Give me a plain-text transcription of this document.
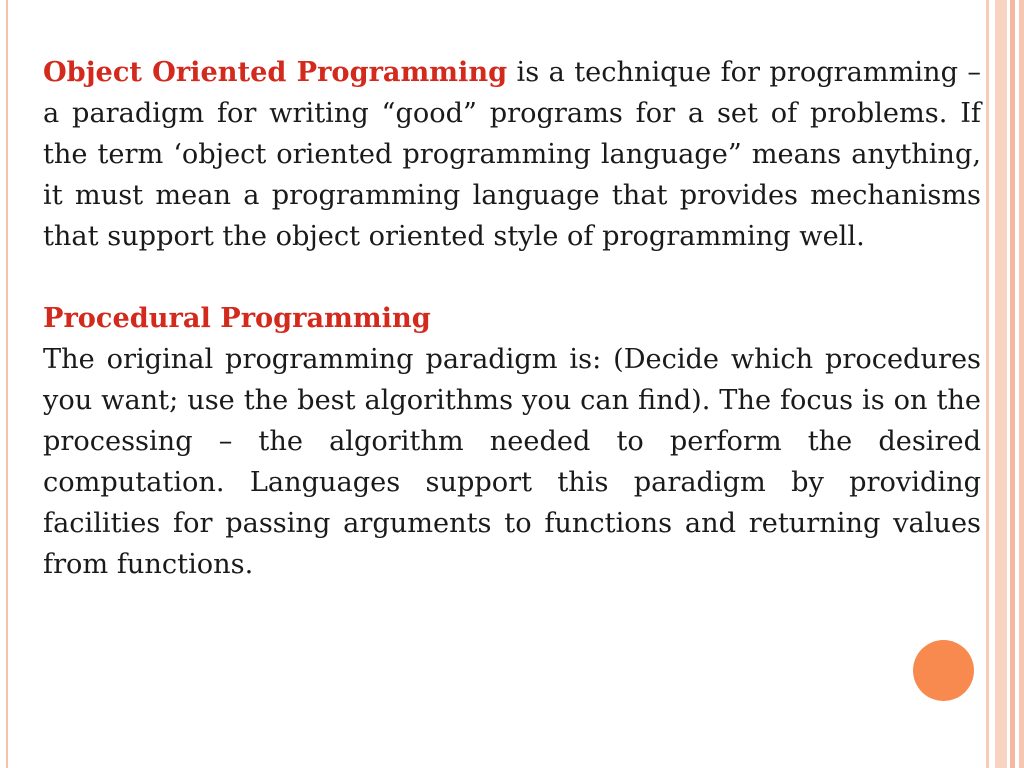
Object Oriented Programming is a technique for programming – a paradigm for writing “good” programs for a set of problems. If the term ‘object oriented programming language” means anything, it must mean a programming language that provides mechanisms that support the object oriented style of programming well.

Procedural Programming

The original programming paradigm is: (Decide which procedures you want; use the best algorithms you can find). The focus is on the processing – the algorithm needed to perform the desired computation. Languages support this paradigm by providing facilities for passing arguments to functions and returning values from functions.
